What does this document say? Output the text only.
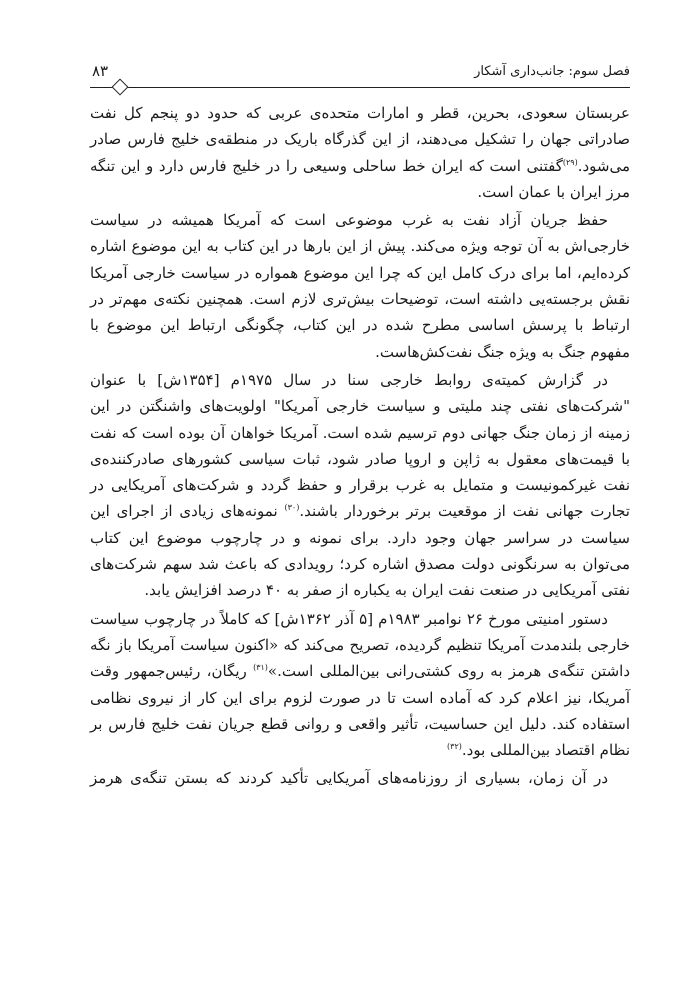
فصل سوم: جانب‌داری آشکار
۸۳

عربستان سعودی، بحرین، قطر و امارات متحده‌ی عربی که حدود دو پنجم کل نفت صادراتی جهان را تشکیل می‌دهند، از این گذرگاه باریک در منطقه‌ی خلیج فارس صادر می‌شود.$^{(۲۹)}$گفتنی است که ایران خط ساحلی وسیعی را در خلیج فارس دارد و این تنگه مرز ایران با عمان است.

حفظ جریان آزاد نفت به غرب موضوعی است که آمریکا همیشه در سیاست خارجی‌اش به آن توجه ویژه می‌کند. پیش از این بارها در این کتاب به این موضوع اشاره کرده‌ایم، اما برای درک کامل این که چرا این موضوع همواره در سیاست خارجی آمریکا نقش برجسته‌یی داشته است، توضیحات بیش‌تری لازم است. همچنین نکته‌ی مهم‌تر در ارتباط با پرسش اساسی مطرح شده در این کتاب، چگونگی ارتباط این موضوع با مفهوم جنگ به ویژه جنگ نفت‌کش‌هاست.

در گزارش کمیته‌ی روابط خارجی سنا در سال ۱۹۷۵م [۱۳۵۴ش] با عنوان "شرکت‌های نفتی چند ملیتی و سیاست خارجی آمریکا" اولویت‌های واشنگتن در این زمینه از زمان جنگ جهانی دوم ترسیم شده است. آمریکا خواهان آن بوده است که نفت با قیمت‌های معقول به ژاپن و اروپا صادر شود، ثبات سیاسی کشورهای صادرکننده‌ی نفت غیرکمونیست و متمایل به غرب برقرار و حفظ گردد و شرکت‌های آمریکایی در تجارت جهانی نفت از موقعیت برتر برخوردار باشند.$^{(۳۰)}$ نمونه‌های زیادی از اجرای این سیاست در سراسر جهان وجود دارد. برای نمونه و در چارچوب موضوع این کتاب می‌توان به سرنگونی دولت مصدق اشاره کرد؛ رویدادی که باعث شد سهم شرکت‌های نفتی آمریکایی در صنعت نفت ایران به یکباره از صفر به ۴۰ درصد افزایش یابد.

دستور امنیتی مورخ ۲۶ نوامبر ۱۹۸۳م [۵ آذر ۱۳۶۲ش] که کاملاً در چارچوب سیاست خارجی بلندمدت آمریکا تنظیم گردیده، تصریح می‌کند که «اکنون سیاست آمریکا باز نگه داشتن تنگه‌ی هرمز به روی کشتی‌رانی بین‌المللی است.»$^{(۳۱)}$ ریگان، رئیس‌جمهور وقت آمریکا، نیز اعلام کرد که آماده است تا در صورت لزوم برای این کار از نیروی نظامی استفاده کند. دلیل این حساسیت، تأثیر واقعی و روانی قطع جریان نفت خلیج فارس بر نظام اقتصاد بین‌المللی بود.$^{(۳۲)}$

در آن زمان، بسیاری از روزنامه‌های آمریکایی تأکید کردند که بستن تنگه‌ی هرمز
